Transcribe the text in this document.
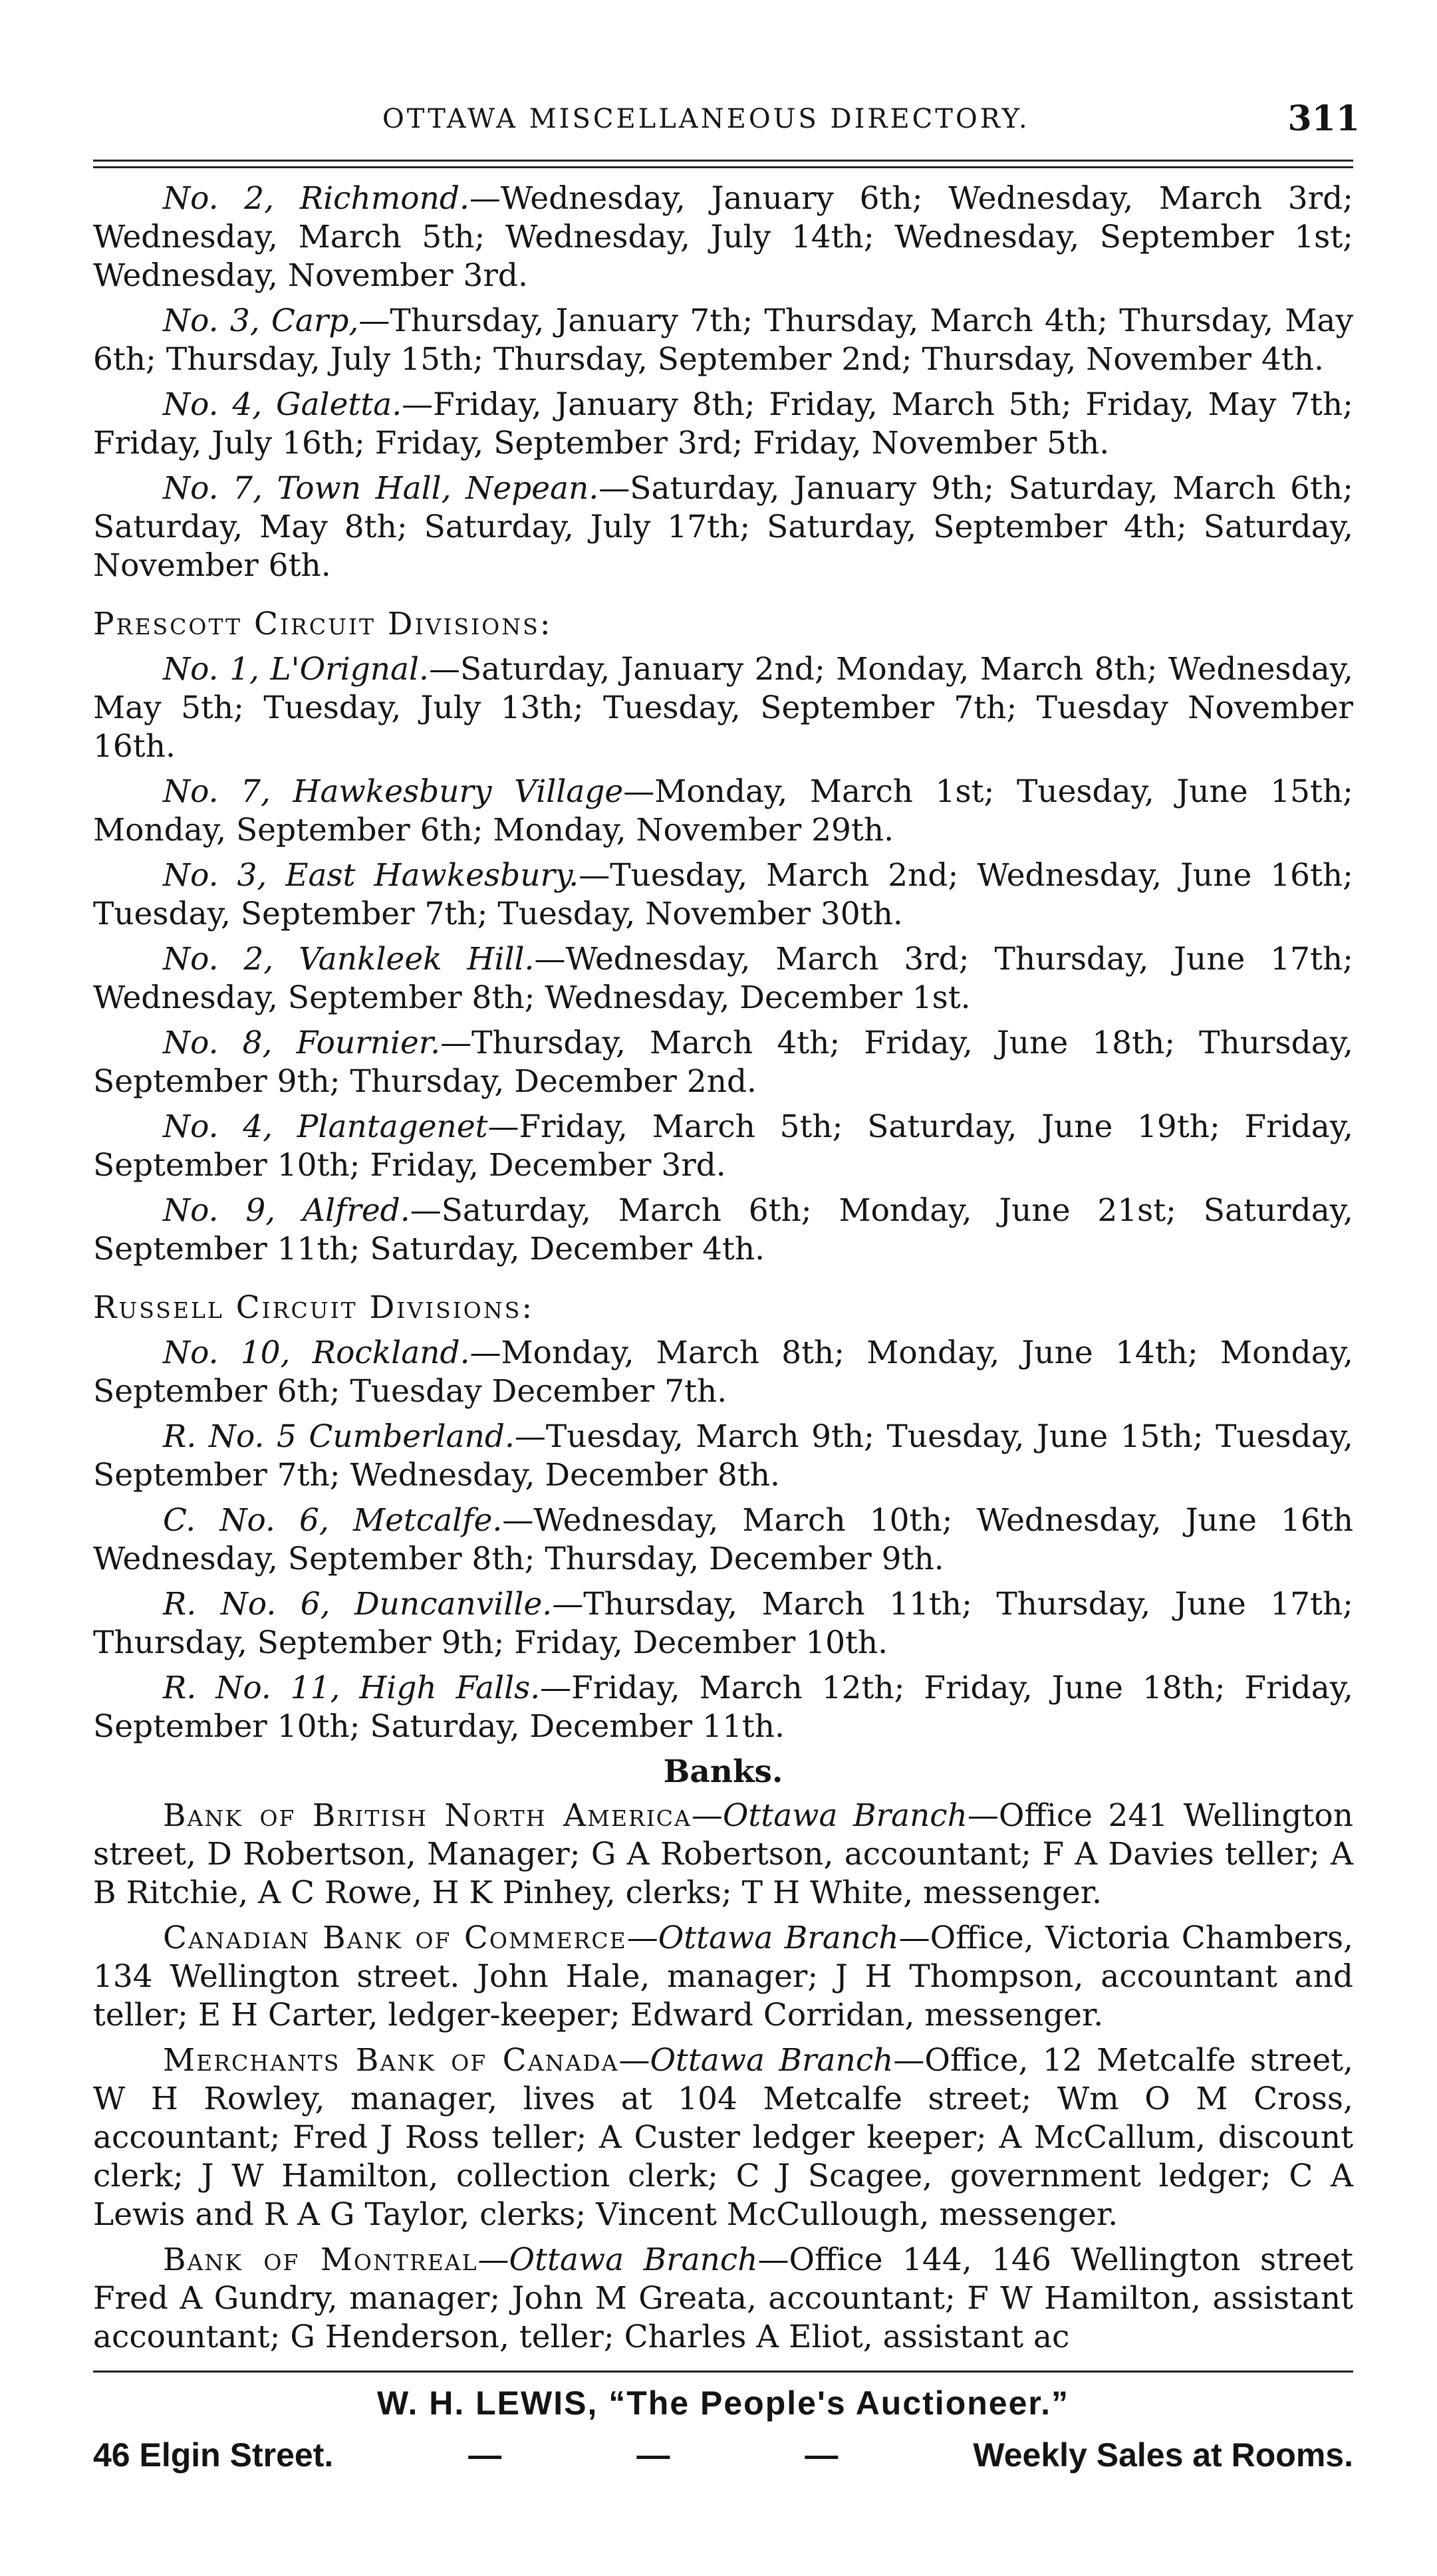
OTTAWA MISCELLANEOUS DIRECTORY.	311

No. 2, Richmond.—Wednesday, January 6th; Wednesday, March 3rd; Wednesday, March 5th; Wednesday, July 14th; Wednesday, September 1st; Wednesday, November 3rd.

No. 3, Carp,—Thursday, January 7th; Thursday, March 4th; Thursday, May 6th; Thursday, July 15th; Thursday, September 2nd; Thursday, November 4th.

No. 4, Galetta.—Friday, January 8th; Friday, March 5th; Friday, May 7th; Friday, July 16th; Friday, September 3rd; Friday, November 5th.

No. 7, Town Hall, Nepean.—Saturday, January 9th; Saturday, March 6th; Saturday, May 8th; Saturday, July 17th; Saturday, September 4th; Saturday, November 6th.

Prescott Circuit Divisions:

No. 1, L'Orignal.—Saturday, January 2nd; Monday, March 8th; Wednesday, May 5th; Tuesday, July 13th; Tuesday, September 7th; Tuesday November 16th.

No. 7, Hawkesbury Village—Monday, March 1st; Tuesday, June 15th; Monday, September 6th; Monday, November 29th.

No. 3, East Hawkesbury.—Tuesday, March 2nd; Wednesday, June 16th; Tuesday, September 7th; Tuesday, November 30th.

No. 2, Vankleek Hill.—Wednesday, March 3rd; Thursday, June 17th; Wednesday, September 8th; Wednesday, December 1st.

No. 8, Fournier.—Thursday, March 4th; Friday, June 18th; Thursday, September 9th; Thursday, December 2nd.

No. 4, Plantagenet—Friday, March 5th; Saturday, June 19th; Friday, September 10th; Friday, December 3rd.

No. 9, Alfred.—Saturday, March 6th; Monday, June 21st; Saturday, September 11th; Saturday, December 4th.

Russell Circuit Divisions:

No. 10, Rockland.—Monday, March 8th; Monday, June 14th; Monday, September 6th; Tuesday December 7th.

R. No. 5 Cumberland.—Tuesday, March 9th; Tuesday, June 15th; Tuesday, September 7th; Wednesday, December 8th.

C. No. 6, Metcalfe.—Wednesday, March 10th; Wednesday, June 16th Wednesday, September 8th; Thursday, December 9th.

R. No. 6, Duncanville.—Thursday, March 11th; Thursday, June 17th; Thursday, September 9th; Friday, December 10th.

R. No. 11, High Falls.—Friday, March 12th; Friday, June 18th; Friday, September 10th; Saturday, December 11th.

Banks.

Bank of British North America—Ottawa Branch—Office 241 Wellington street, D Robertson, Manager; G A Robertson, accountant; F A Davies teller; A B Ritchie, A C Rowe, H K Pinhey, clerks; T H White, messenger.

Canadian Bank of Commerce—Ottawa Branch—Office, Victoria Chambers, 134 Wellington street. John Hale, manager; J H Thompson, accountant and teller; E H Carter, ledger-keeper; Edward Corridan, messenger.

Merchants Bank of Canada—Ottawa Branch—Office, 12 Metcalfe street, W H Rowley, manager, lives at 104 Metcalfe street; Wm O M Cross, accountant; Fred J Ross teller; A Custer ledger keeper; A McCallum, discount clerk; J W Hamilton, collection clerk; C J Scagee, government ledger; C A Lewis and R A G Taylor, clerks; Vincent McCullough, messenger.

Bank of Montreal—Ottawa Branch—Office 144, 146 Wellington street Fred A Gundry, manager; John M Greata, accountant; F W Hamilton, assistant accountant; G Henderson, teller; Charles A Eliot, assistant ac

W. H. LEWIS, “The People's Auctioneer.”
46 Elgin Street.	—	—	—	Weekly Sales at Rooms.
